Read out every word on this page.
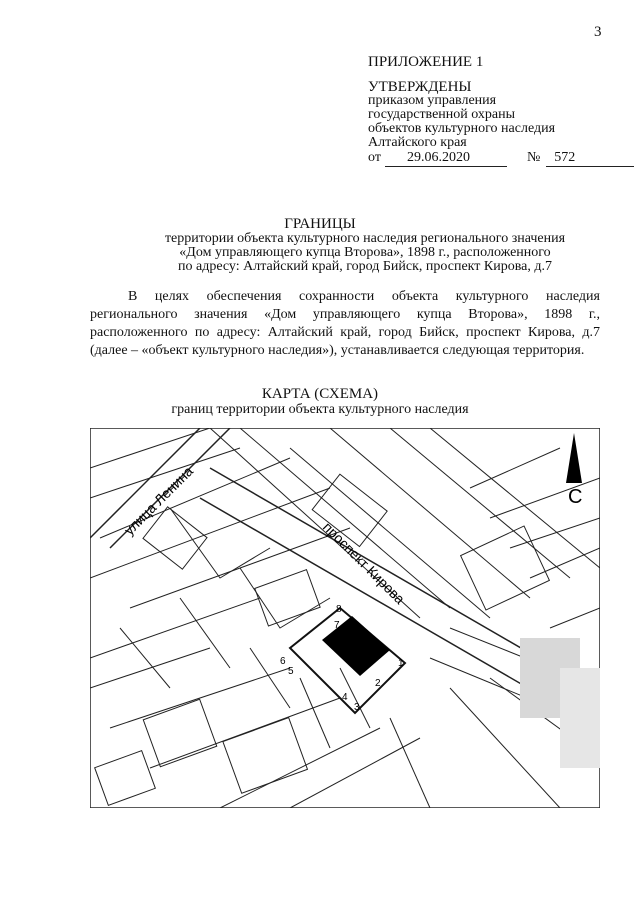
3
ПРИЛОЖЕНИЕ 1
УТВЕРЖДЕНЫ
приказом управления
государственной охраны
объектов культурного наследия
Алтайского края
от	29.06.2020	№	572
ГРАНИЦЫ
территории объекта культурного наследия регионального значения
«Дом управляющего купца Второва», 1898 г., расположенного
по адресу: Алтайский край, город Бийск, проспект Кирова, д.7
В целях обеспечения сохранности объекта культурного наследия регионального значения «Дом управляющего купца Второва», 1898 г., расположенного по адресу: Алтайский край, город Бийск, проспект Кирова, д.7 (далее – «объект культурного наследия»), устанавливается следующая территория.
КАРТА (СХЕМА)
границ территории объекта культурного наследия
С
улица Ленина
проспект Кирова
1
2
3
4
5
6
7
8
